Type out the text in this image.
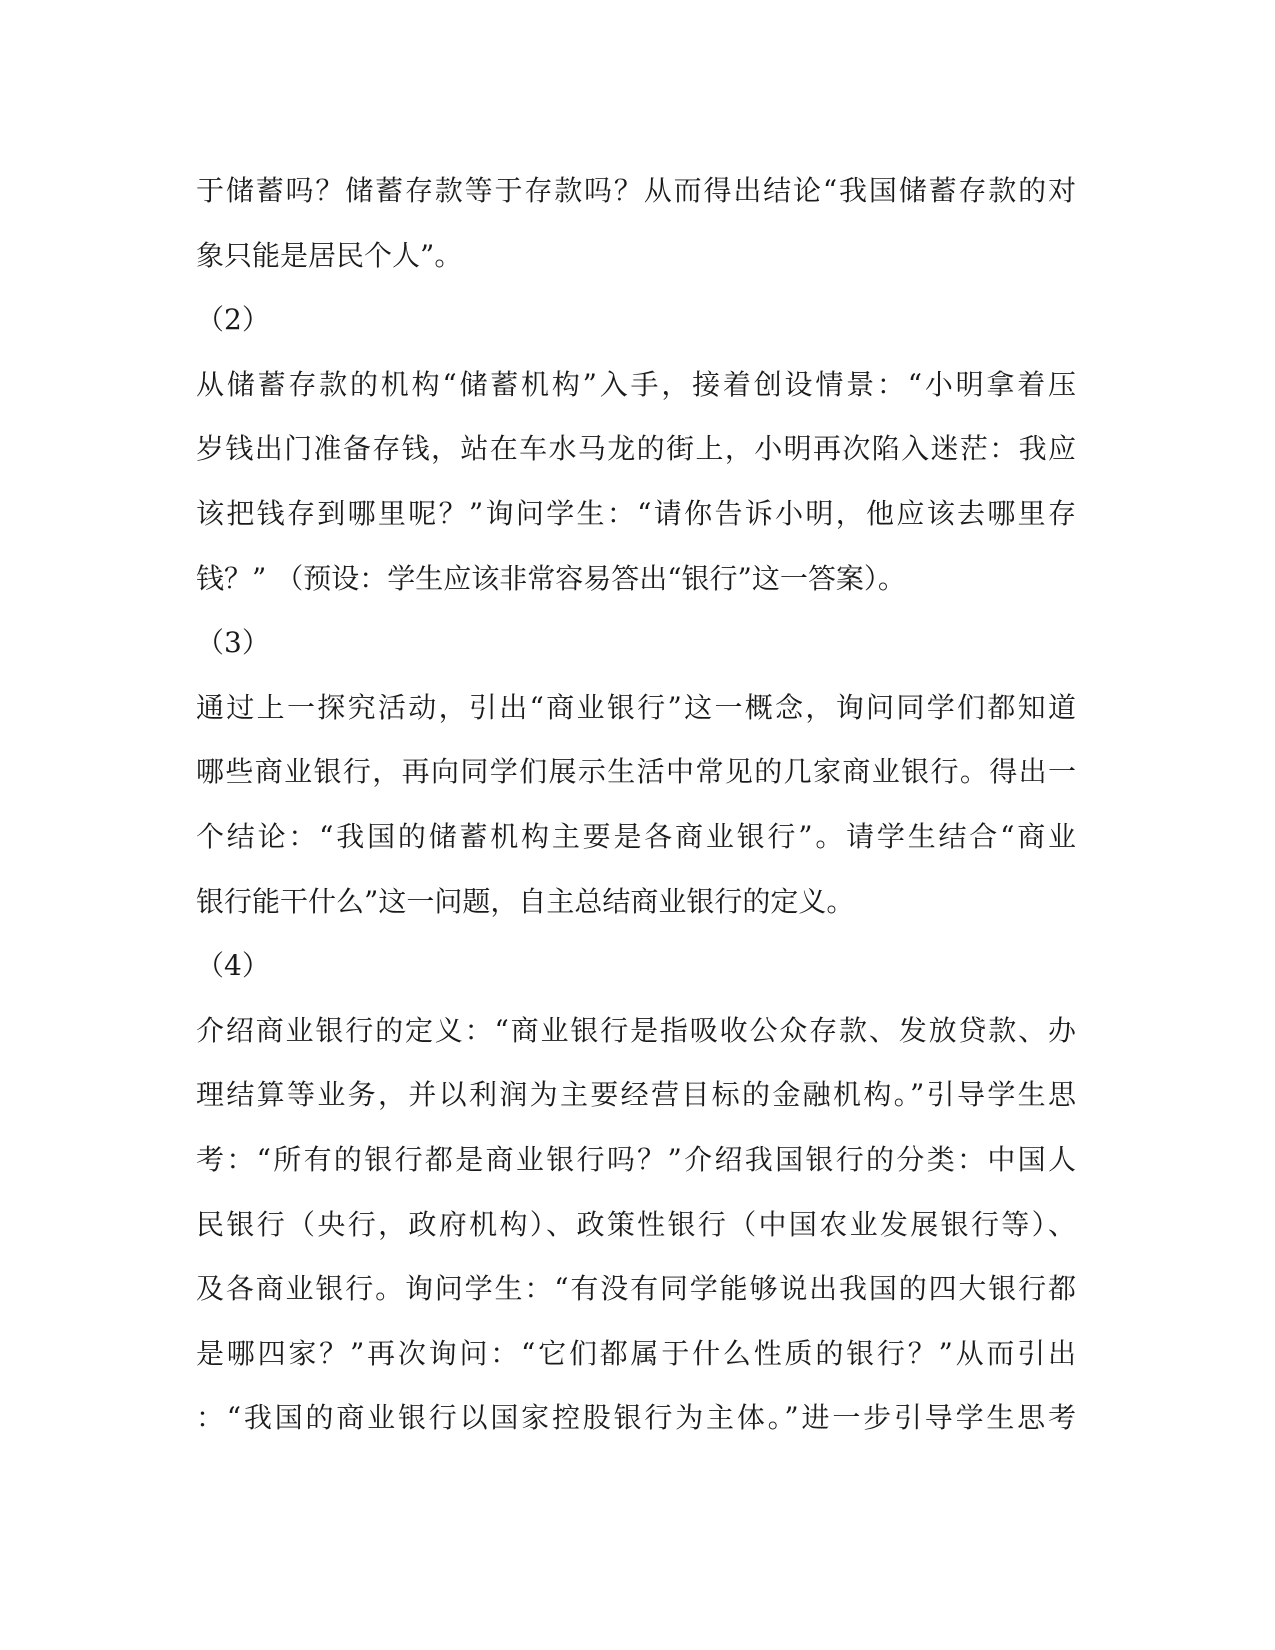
于储蓄吗？储蓄存款等于存款吗？从而得出结论“我国储蓄存款的对
象只能是居民个人”。
（2）
从储蓄存款的机构“储蓄机构”入手，接着创设情景：“小明拿着压
岁钱出门准备存钱，站在车水马龙的街上，小明再次陷入迷茫：我应
该把钱存到哪里呢？”询问学生：“请你告诉小明，他应该去哪里存
钱？” （预设：学生应该非常容易答出“银行”这一答案）。
（3）
通过上一探究活动，引出“商业银行”这一概念，询问同学们都知道
哪些商业银行，再向同学们展示生活中常见的几家商业银行。得出一
个结论：“我国的储蓄机构主要是各商业银行”。请学生结合“商业
银行能干什么”这一问题，自主总结商业银行的定义。
（4）
介绍商业银行的定义：“商业银行是指吸收公众存款、发放贷款、办
理结算等业务，并以利润为主要经营目标的金融机构。”引导学生思
考：“所有的银行都是商业银行吗？”介绍我国银行的分类：中国人
民银行（央行，政府机构）、政策性银行（中国农业发展银行等）、
及各商业银行。询问学生：“有没有同学能够说出我国的四大银行都
是哪四家？”再次询问：“它们都属于什么性质的银行？”从而引出
：“我国的商业银行以国家控股银行为主体。”进一步引导学生思考
